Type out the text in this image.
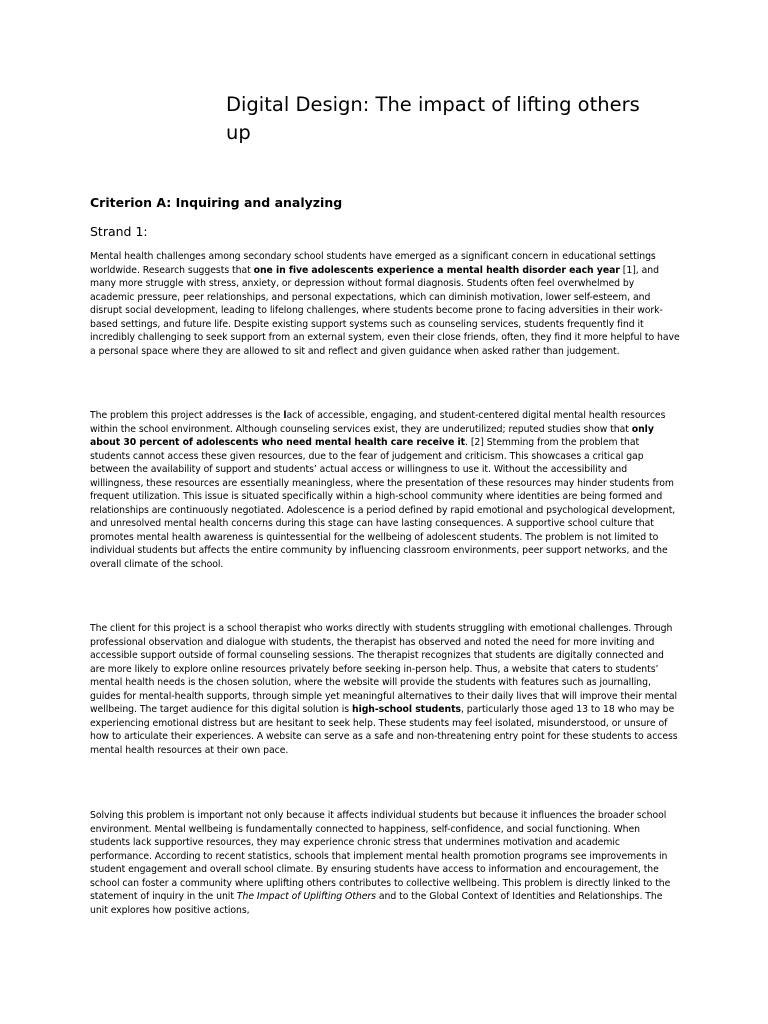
Digital Design: The impact of lifting others up
Criterion A: Inquiring and analyzing
Strand 1:

Mental health challenges among secondary school students have emerged as a significant concern in educational settings worldwide. Research suggests that one in five adolescents experience a mental health disorder each year [1], and many more struggle with stress, anxiety, or depression without formal diagnosis. Students often feel overwhelmed by academic pressure, peer relationships, and personal expectations, which can diminish motivation, lower self-esteem, and disrupt social development, leading to lifelong challenges, where students become prone to facing adversities in their work-based settings, and future life. Despite existing support systems such as counseling services, students frequently find it incredibly challenging to seek support from an external system, even their close friends, often, they find it more helpful to have a personal space where they are allowed to sit and reflect and given guidance when asked rather than judgement.

The problem this project addresses is the lack of accessible, engaging, and student-centered digital mental health resources within the school environment. Although counseling services exist, they are underutilized; reputed studies show that only about 30 percent of adolescents who need mental health care receive it. [2] Stemming from the problem that students cannot access these given resources, due to the fear of judgement and criticism. This showcases a critical gap between the availability of support and students’ actual access or willingness to use it. Without the accessibility and willingness, these resources are essentially meaningless, where the presentation of these resources may hinder students from frequent utilization. This issue is situated specifically within a high-school community where identities are being formed and relationships are continuously negotiated. Adolescence is a period defined by rapid emotional and psychological development, and unresolved mental health concerns during this stage can have lasting consequences. A supportive school culture that promotes mental health awareness is quintessential for the wellbeing of adolescent students. The problem is not limited to individual students but affects the entire community by influencing classroom environments, peer support networks, and the overall climate of the school.

The client for this project is a school therapist who works directly with students struggling with emotional challenges. Through professional observation and dialogue with students, the therapist has observed and noted the need for more inviting and accessible support outside of formal counseling sessions. The therapist recognizes that students are digitally connected and are more likely to explore online resources privately before seeking in-person help. Thus, a website that caters to students’ mental health needs is the chosen solution, where the website will provide the students with features such as journalling, guides for mental-health supports, through simple yet meaningful alternatives to their daily lives that will improve their mental wellbeing. The target audience for this digital solution is high-school students, particularly those aged 13 to 18 who may be experiencing emotional distress but are hesitant to seek help. These students may feel isolated, misunderstood, or unsure of how to articulate their experiences. A website can serve as a safe and non-threatening entry point for these students to access mental health resources at their own pace.

Solving this problem is important not only because it affects individual students but because it influences the broader school environment. Mental wellbeing is fundamentally connected to happiness, self-confidence, and social functioning. When students lack supportive resources, they may experience chronic stress that undermines motivation and academic performance. According to recent statistics, schools that implement mental health promotion programs see improvements in student engagement and overall school climate. By ensuring students have access to information and encouragement, the school can foster a community where uplifting others contributes to collective wellbeing. This problem is directly linked to the statement of inquiry in the unit The Impact of Uplifting Others and to the Global Context of Identities and Relationships. The unit explores how positive actions,
